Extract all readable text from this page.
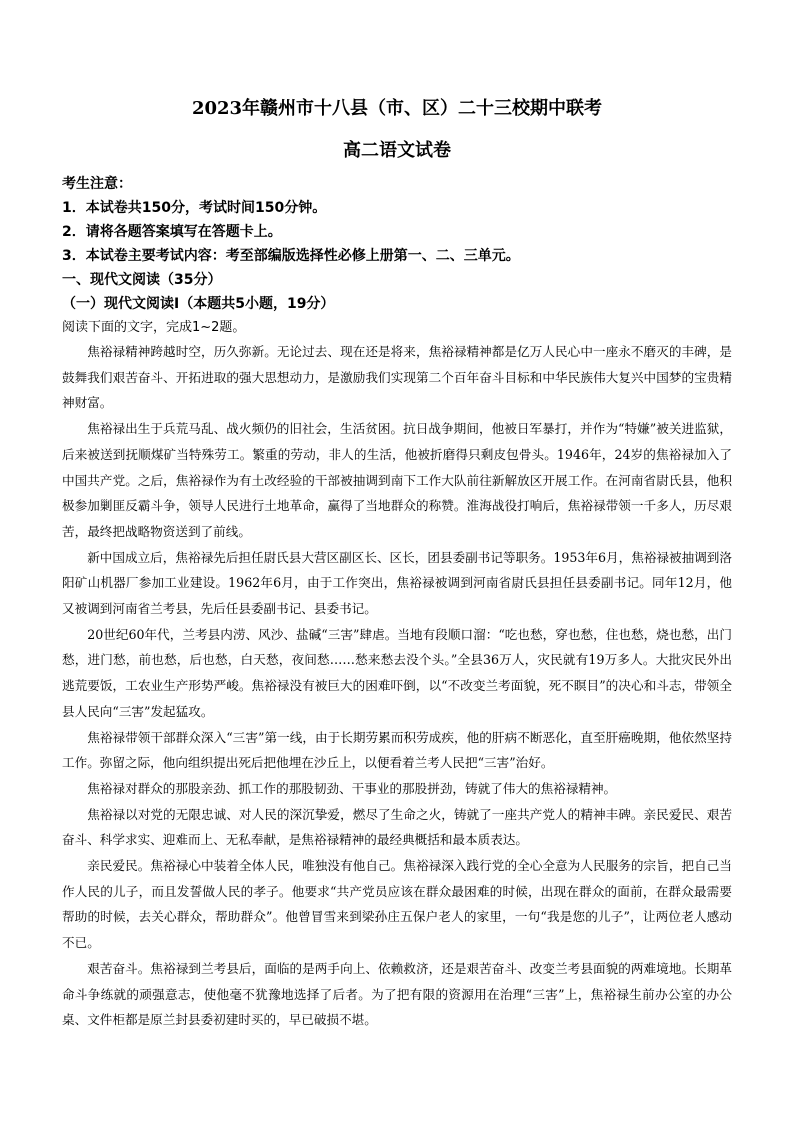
2023年赣州市十八县（市、区）二十三校期中联考
高二语文试卷

考生注意：

1．本试卷共150分，考试时间150分钟。

2．请将各题答案填写在答题卡上。

3．本试卷主要考试内容：考至部编版选择性必修上册第一、二、三单元。

一、现代文阅读（35分）

（一）现代文阅读Ⅰ（本题共5小题，19分）

阅读下面的文字，完成1~2题。

焦裕禄精神跨越时空，历久弥新。无论过去、现在还是将来，焦裕禄精神都是亿万人民心中一座永不磨灭的丰碑，是鼓舞我们艰苦奋斗、开拓进取的强大思想动力，是激励我们实现第二个百年奋斗目标和中华民族伟大复兴中国梦的宝贵精神财富。

焦裕禄出生于兵荒马乱、战火频仍的旧社会，生活贫困。抗日战争期间，他被日军暴打，并作为“特嫌”被关进监狱，后来被送到抚顺煤矿当特殊劳工。繁重的劳动，非人的生活，他被折磨得只剩皮包骨头。1946年，24岁的焦裕禄加入了中国共产党。之后，焦裕禄作为有土改经验的干部被抽调到南下工作大队前往新解放区开展工作。在河南省尉氏县，他积极参加剿匪反霸斗争，领导人民进行土地革命，赢得了当地群众的称赞。淮海战役打响后，焦裕禄带领一千多人，历尽艰苦，最终把战略物资送到了前线。

新中国成立后，焦裕禄先后担任尉氏县大营区副区长、区长，团县委副书记等职务。1953年6月，焦裕禄被抽调到洛阳矿山机器厂参加工业建设。1962年6月，由于工作突出，焦裕禄被调到河南省尉氏县担任县委副书记。同年12月，他又被调到河南省兰考县，先后任县委副书记、县委书记。

20世纪60年代，兰考县内涝、风沙、盐碱“三害”肆虐。当地有段顺口溜：“吃也愁，穿也愁，住也愁，烧也愁，出门愁，进门愁，前也愁，后也愁，白天愁，夜间愁……愁来愁去没个头。”全县36万人，灾民就有19万多人。大批灾民外出逃荒要饭，工农业生产形势严峻。焦裕禄没有被巨大的困难吓倒，以“不改变兰考面貌，死不瞑目”的决心和斗志，带领全县人民向“三害”发起猛攻。

焦裕禄带领干部群众深入“三害”第一线，由于长期劳累而积劳成疾，他的肝病不断恶化，直至肝癌晚期，他依然坚持工作。弥留之际，他向组织提出死后把他埋在沙丘上，以便看着兰考人民把“三害”治好。

焦裕禄对群众的那股亲劲、抓工作的那股韧劲、干事业的那股拼劲，铸就了伟大的焦裕禄精神。

焦裕禄以对党的无限忠诚、对人民的深沉挚爱，燃尽了生命之火，铸就了一座共产党人的精神丰碑。亲民爱民、艰苦奋斗、科学求实、迎难而上、无私奉献，是焦裕禄精神的最经典概括和最本质表达。

亲民爱民。焦裕禄心中装着全体人民，唯独没有他自己。焦裕禄深入践行党的全心全意为人民服务的宗旨，把自己当作人民的儿子，而且发誓做人民的孝子。他要求“共产党员应该在群众最困难的时候，出现在群众的面前，在群众最需要帮助的时候，去关心群众，帮助群众”。他曾冒雪来到梁孙庄五保户老人的家里，一句“我是您的儿子”，让两位老人感动不已。

艰苦奋斗。焦裕禄到兰考县后，面临的是两手向上、依赖救济，还是艰苦奋斗、改变兰考县面貌的两难境地。长期革命斗争练就的顽强意志，使他毫不犹豫地选择了后者。为了把有限的资源用在治理“三害”上，焦裕禄生前办公室的办公桌、文件柜都是原兰封县委初建时买的，早已破损不堪。
